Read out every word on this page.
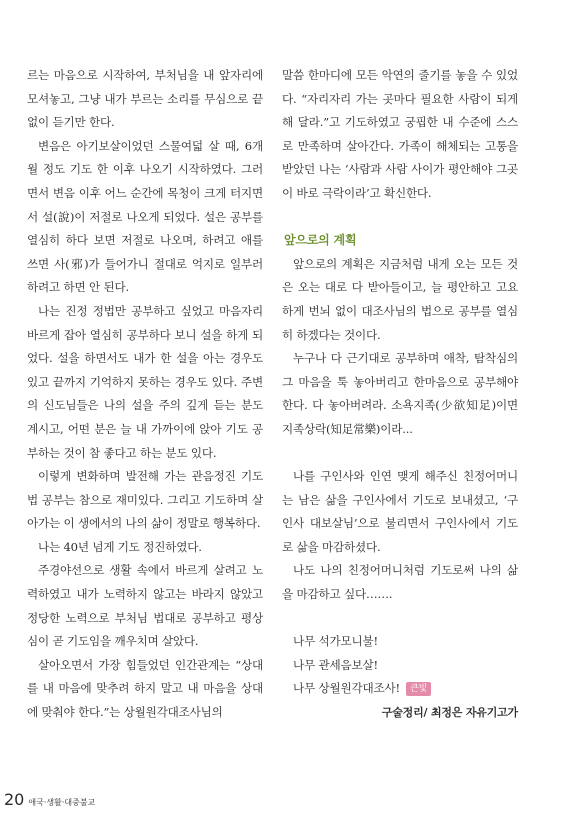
르는 마음으로 시작하여, 부처님을 내 앞자리에 모셔놓고, 그냥 내가 부르는 소리를 무심으로 끝없이 듣기만 한다.

변음은 아기보살이었던 스물여덟 살 때, 6개월 정도 기도 한 이후 나오기 시작하였다. 그러면서 변음 이후 어느 순간에 목청이 크게 터지면서 설(說)이 저절로 나오게 되었다. 설은 공부를 열심히 하다 보면 저절로 나오며, 하려고 애를 쓰면 사(邪)가 들어가니 절대로 억지로 일부러 하려고 하면 안 된다.

나는 진정 정법만 공부하고 싶었고 마음자리 바르게 잡아 열심히 공부하다 보니 설을 하게 되었다. 설을 하면서도 내가 한 설을 아는 경우도 있고 끝까지 기억하지 못하는 경우도 있다. 주변의 신도님들은 나의 설을 주의 깊게 듣는 분도 계시고, 어떤 분은 늘 내 가까이에 앉아 기도 공부하는 것이 참 좋다고 하는 분도 있다.

이렇게 변화하며 발전해 가는 관음정진 기도법 공부는 참으로 재미있다. 그리고 기도하며 살아가는 이 생에서의 나의 삶이 정말로 행복하다.

나는 40년 넘게 기도 정진하였다.

주경야선으로 생활 속에서 바르게 살려고 노력하였고 내가 노력하지 않고는 바라지 않았고 정당한 노력으로 부처님 법대로 공부하고 평상심이 곧 기도임을 깨우치며 살았다.

살아오면서 가장 힘들었던 인간관계는 “상대를 내 마음에 맞추려 하지 말고 내 마음을 상대에 맞춰야 한다.”는 상월원각대조사님의

말씀 한마디에 모든 악연의 줄기를 놓을 수 있었다. “자리자리 가는 곳마다 필요한 사람이 되게 해 달라.”고 기도하였고 궁핍한 내 수준에 스스로 만족하며 살아간다. 가족이 해체되는 고통을 받았던 나는 ‘사람과 사람 사이가 평안해야 그곳이 바로 극락이라’고 확신한다.

앞으로의 계획

앞으로의 계획은 지금처럼 내게 오는 모든 것은 오는 대로 다 받아들이고, 늘 평안하고 고요하게 번뇌 없이 대조사님의 법으로 공부를 열심히 하겠다는 것이다.

누구나 다 근기대로 공부하며 애착, 탐착심의 그 마음을 툭 놓아버리고 한마음으로 공부해야 한다. 다 놓아버려라. 소욕지족(少欲知足)이면 지족상락(知足常樂)이라...

나를 구인사와 인연 맺게 해주신 친정어머니는 남은 삶을 구인사에서 기도로 보내셨고, ‘구인사 대보살님’으로 불리면서 구인사에서 기도로 삶을 마감하셨다.

나도 나의 친정어머니처럼 기도로써 나의 삶을 마감하고 싶다…….

나무 석가모니불!

나무 관세음보살!

나무 상월원각대조사! 큰빛

구술정리/ 최정은 자유기고가

20 애국·생활·대중불교
